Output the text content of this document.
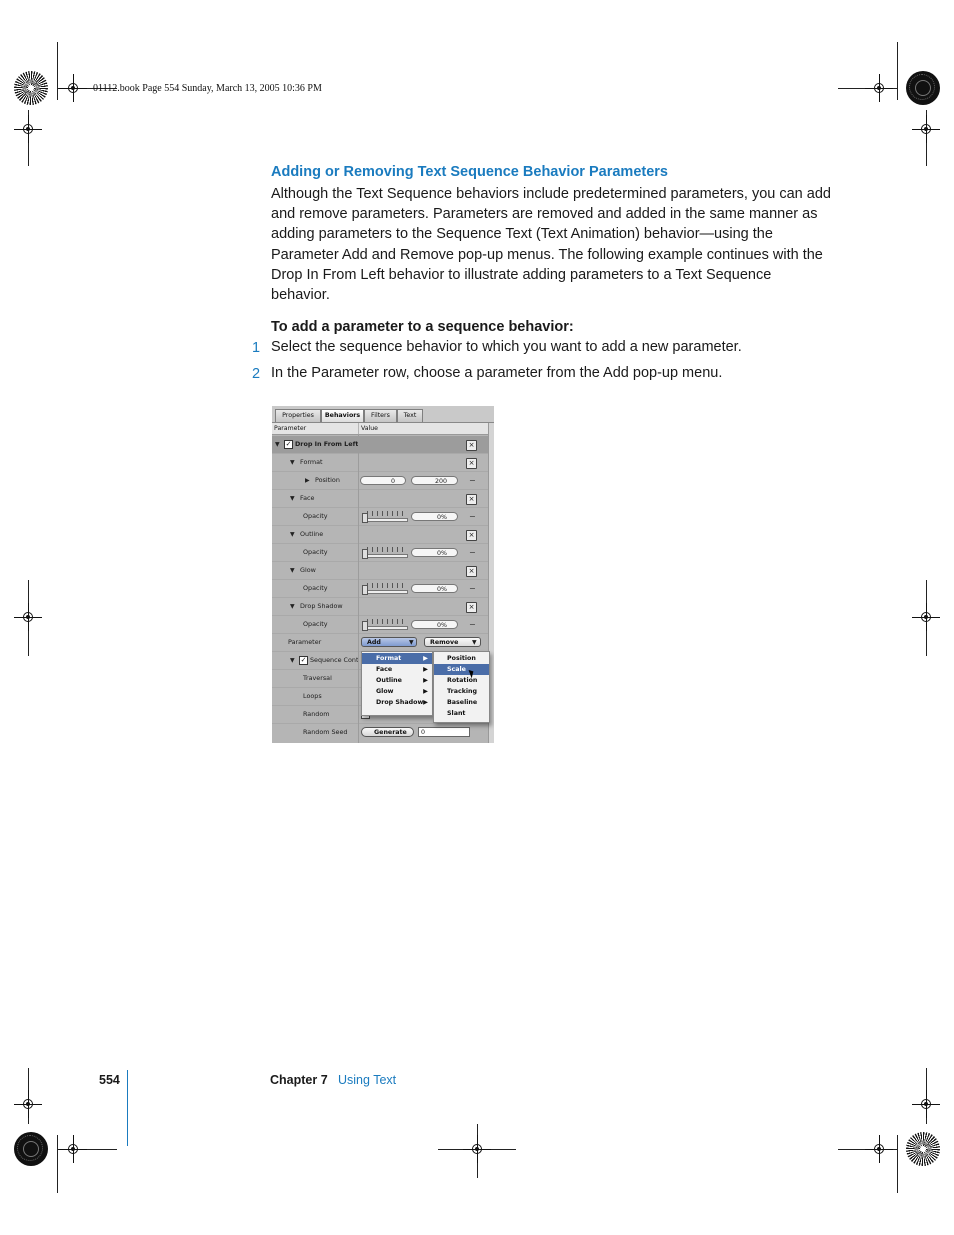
01112.book Page 554 Sunday, March 13, 2005 10:36 PM
Adding or Removing Text Sequence Behavior Parameters
Although the Text Sequence behaviors include predetermined parameters, you can add
and remove parameters. Parameters are removed and added in the same manner as
adding parameters to the Sequence Text (Text Animation) behavior—using the
Parameter Add and Remove pop-up menus. The following example continues with the
Drop In From Left behavior to illustrate adding parameters to a Text Sequence
behavior.
To add a parameter to a sequence behavior:
1 Select the sequence behavior to which you want to add a new parameter.
2 In the Parameter row, choose a parameter from the Add pop-up menu.
Properties	Behaviors	Filters	Text
Parameter	Value
▼ ✓ Drop In From Left	×
▼ Format	×
▶ Position	0	200	−
▼ Face	×
Opacity	0%	−
▼ Outline	×
Opacity	0%	−
▼ Glow	×
Opacity	0%	−
▼ Drop Shadow	×
Opacity	0%	−
Parameter	Add	▼	Remove	▼
▼ ✓ Sequence Cont
Traversal
Loops
Random
Random Seed	Generate	0
Format	▶
Face	▶
Outline	▶
Glow	▶
Drop Shadow ▶
Position
Scale
Rotation
Tracking
Baseline
Slant
554	Chapter 7 Using Text
